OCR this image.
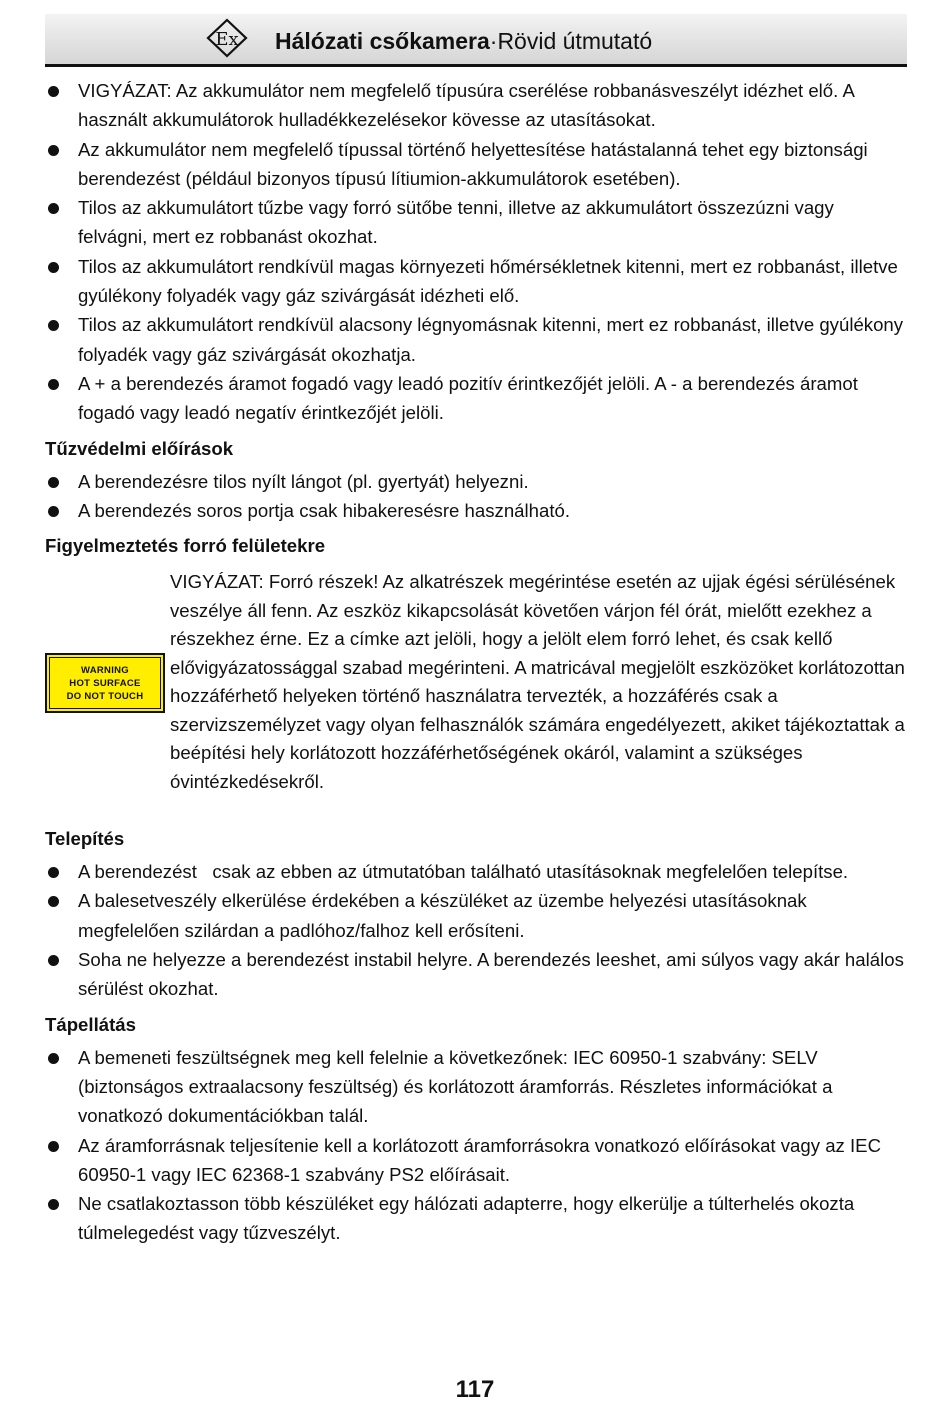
Ex Hálózati csőkamera·Rövid útmutató
VIGYÁZAT: Az akkumulátor nem megfelelő típusúra cserélése robbanásveszélyt idézhet elő. A használt akkumulátorok hulladékkezelésekor kövesse az utasításokat.
Az akkumulátor nem megfelelő típussal történő helyettesítése hatástalanná tehet egy biztonsági berendezést (például bizonyos típusú lítiumion-akkumulátorok esetében).
Tilos az akkumulátort tűzbe vagy forró sütőbe tenni, illetve az akkumulátort összezúzni vagy felvágni, mert ez robbanást okozhat.
Tilos az akkumulátort rendkívül magas környezeti hőmérsékletnek kitenni, mert ez robbanást, illetve gyúlékony folyadék vagy gáz szivárgását idézheti elő.
Tilos az akkumulátort rendkívül alacsony légnyomásnak kitenni, mert ez robbanást, illetve gyúlékony folyadék vagy gáz szivárgását okozhatja.
A + a berendezés áramot fogadó vagy leadó pozitív érintkezőjét jelöli. A - a berendezés áramot fogadó vagy leadó negatív érintkezőjét jelöli.
Tűzvédelmi előírások
A berendezésre tilos nyílt lángot (pl. gyertyát) helyezni.
A berendezés soros portja csak hibakeresésre használható.
Figyelmeztetés forró felületekre
WARNING
HOT SURFACE
DO NOT TOUCH
VIGYÁZAT: Forró részek! Az alkatrészek megérintése esetén az ujjak égési sérülésének veszélye áll fenn. Az eszköz kikapcsolását követően várjon fél órát, mielőtt ezekhez a részekhez érne. Ez a címke azt jelöli, hogy a jelölt elem forró lehet, és csak kellő elővigyázatossággal szabad megérinteni. A matricával megjelölt eszközöket korlátozottan hozzáférhető helyeken történő használatra tervezték, a hozzáférés csak a szervizszemélyzet vagy olyan felhasználók számára engedélyezett, akiket tájékoztattak a beépítési hely korlátozott hozzáférhetőségének okáról, valamint a szükséges óvintézkedésekről.
Telepítés
A berendezést   csak az ebben az útmutatóban található utasításoknak megfelelően telepítse.
A balesetveszély elkerülése érdekében a készüléket az üzembe helyezési utasításoknak megfelelően szilárdan a padlóhoz/falhoz kell erősíteni.
Soha ne helyezze a berendezést instabil helyre. A berendezés leeshet, ami súlyos vagy akár halálos sérülést okozhat.
Tápellátás
A bemeneti feszültségnek meg kell felelnie a következőnek: IEC 60950-1 szabvány: SELV (biztonságos extraalacsony feszültség) és korlátozott áramforrás. Részletes információkat a vonatkozó dokumentációkban talál.
Az áramforrásnak teljesítenie kell a korlátozott áramforrásokra vonatkozó előírásokat vagy az IEC 60950-1 vagy IEC 62368-1 szabvány PS2 előírásait.
Ne csatlakoztasson több készüléket egy hálózati adapterre, hogy elkerülje a túlterhelés okozta túlmelegedést vagy tűzveszélyt.
117
